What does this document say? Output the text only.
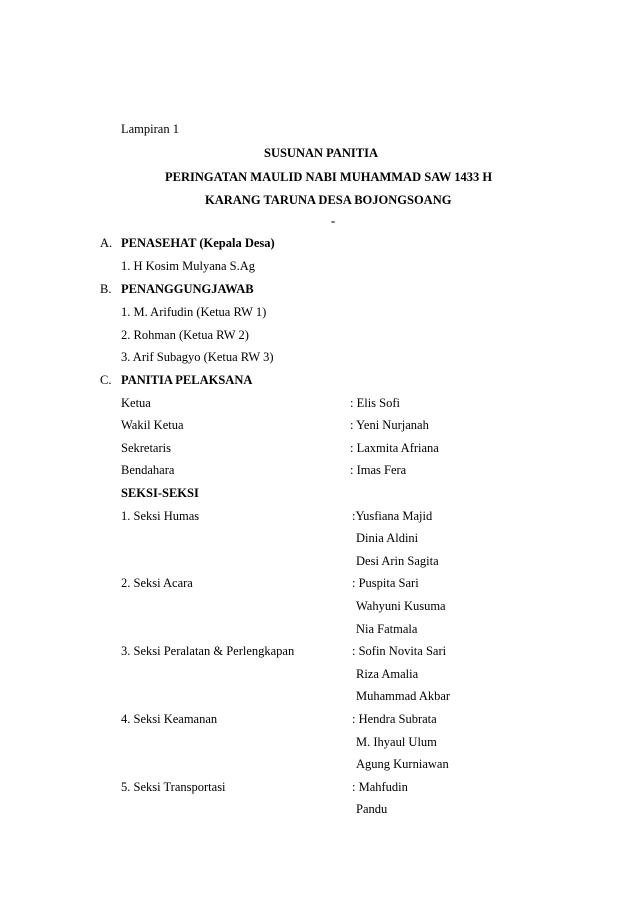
Lampiran 1
SUSUNAN PANITIA
PERINGATAN MAULID NABI MUHAMMAD SAW 1433 H
KARANG TARUNA DESA BOJONGSOANG
-
A. PENASEHAT (Kepala Desa)
1. H Kosim Mulyana S.Ag
B. PENANGGUNGJAWAB
1. M. Arifudin (Ketua RW 1)
2. Rohman (Ketua RW 2)
3. Arif Subagyo (Ketua RW 3)
C. PANITIA PELAKSANA
Ketua	: Elis Sofi
Wakil Ketua	: Yeni Nurjanah
Sekretaris	: Laxmita Afriana
Bendahara	: Imas Fera
SEKSI-SEKSI
1. Seksi Humas	:Yusfiana Majid
Dinia Aldini
Desi Arin Sagita
2. Seksi Acara	: Puspita Sari
Wahyuni Kusuma
Nia Fatmala
3. Seksi Peralatan & Perlengkapan	: Sofin Novita Sari
Riza Amalia
Muhammad Akbar
4. Seksi Keamanan	: Hendra Subrata
M. Ihyaul Ulum
Agung Kurniawan
5. Seksi Transportasi	: Mahfudin
Pandu
